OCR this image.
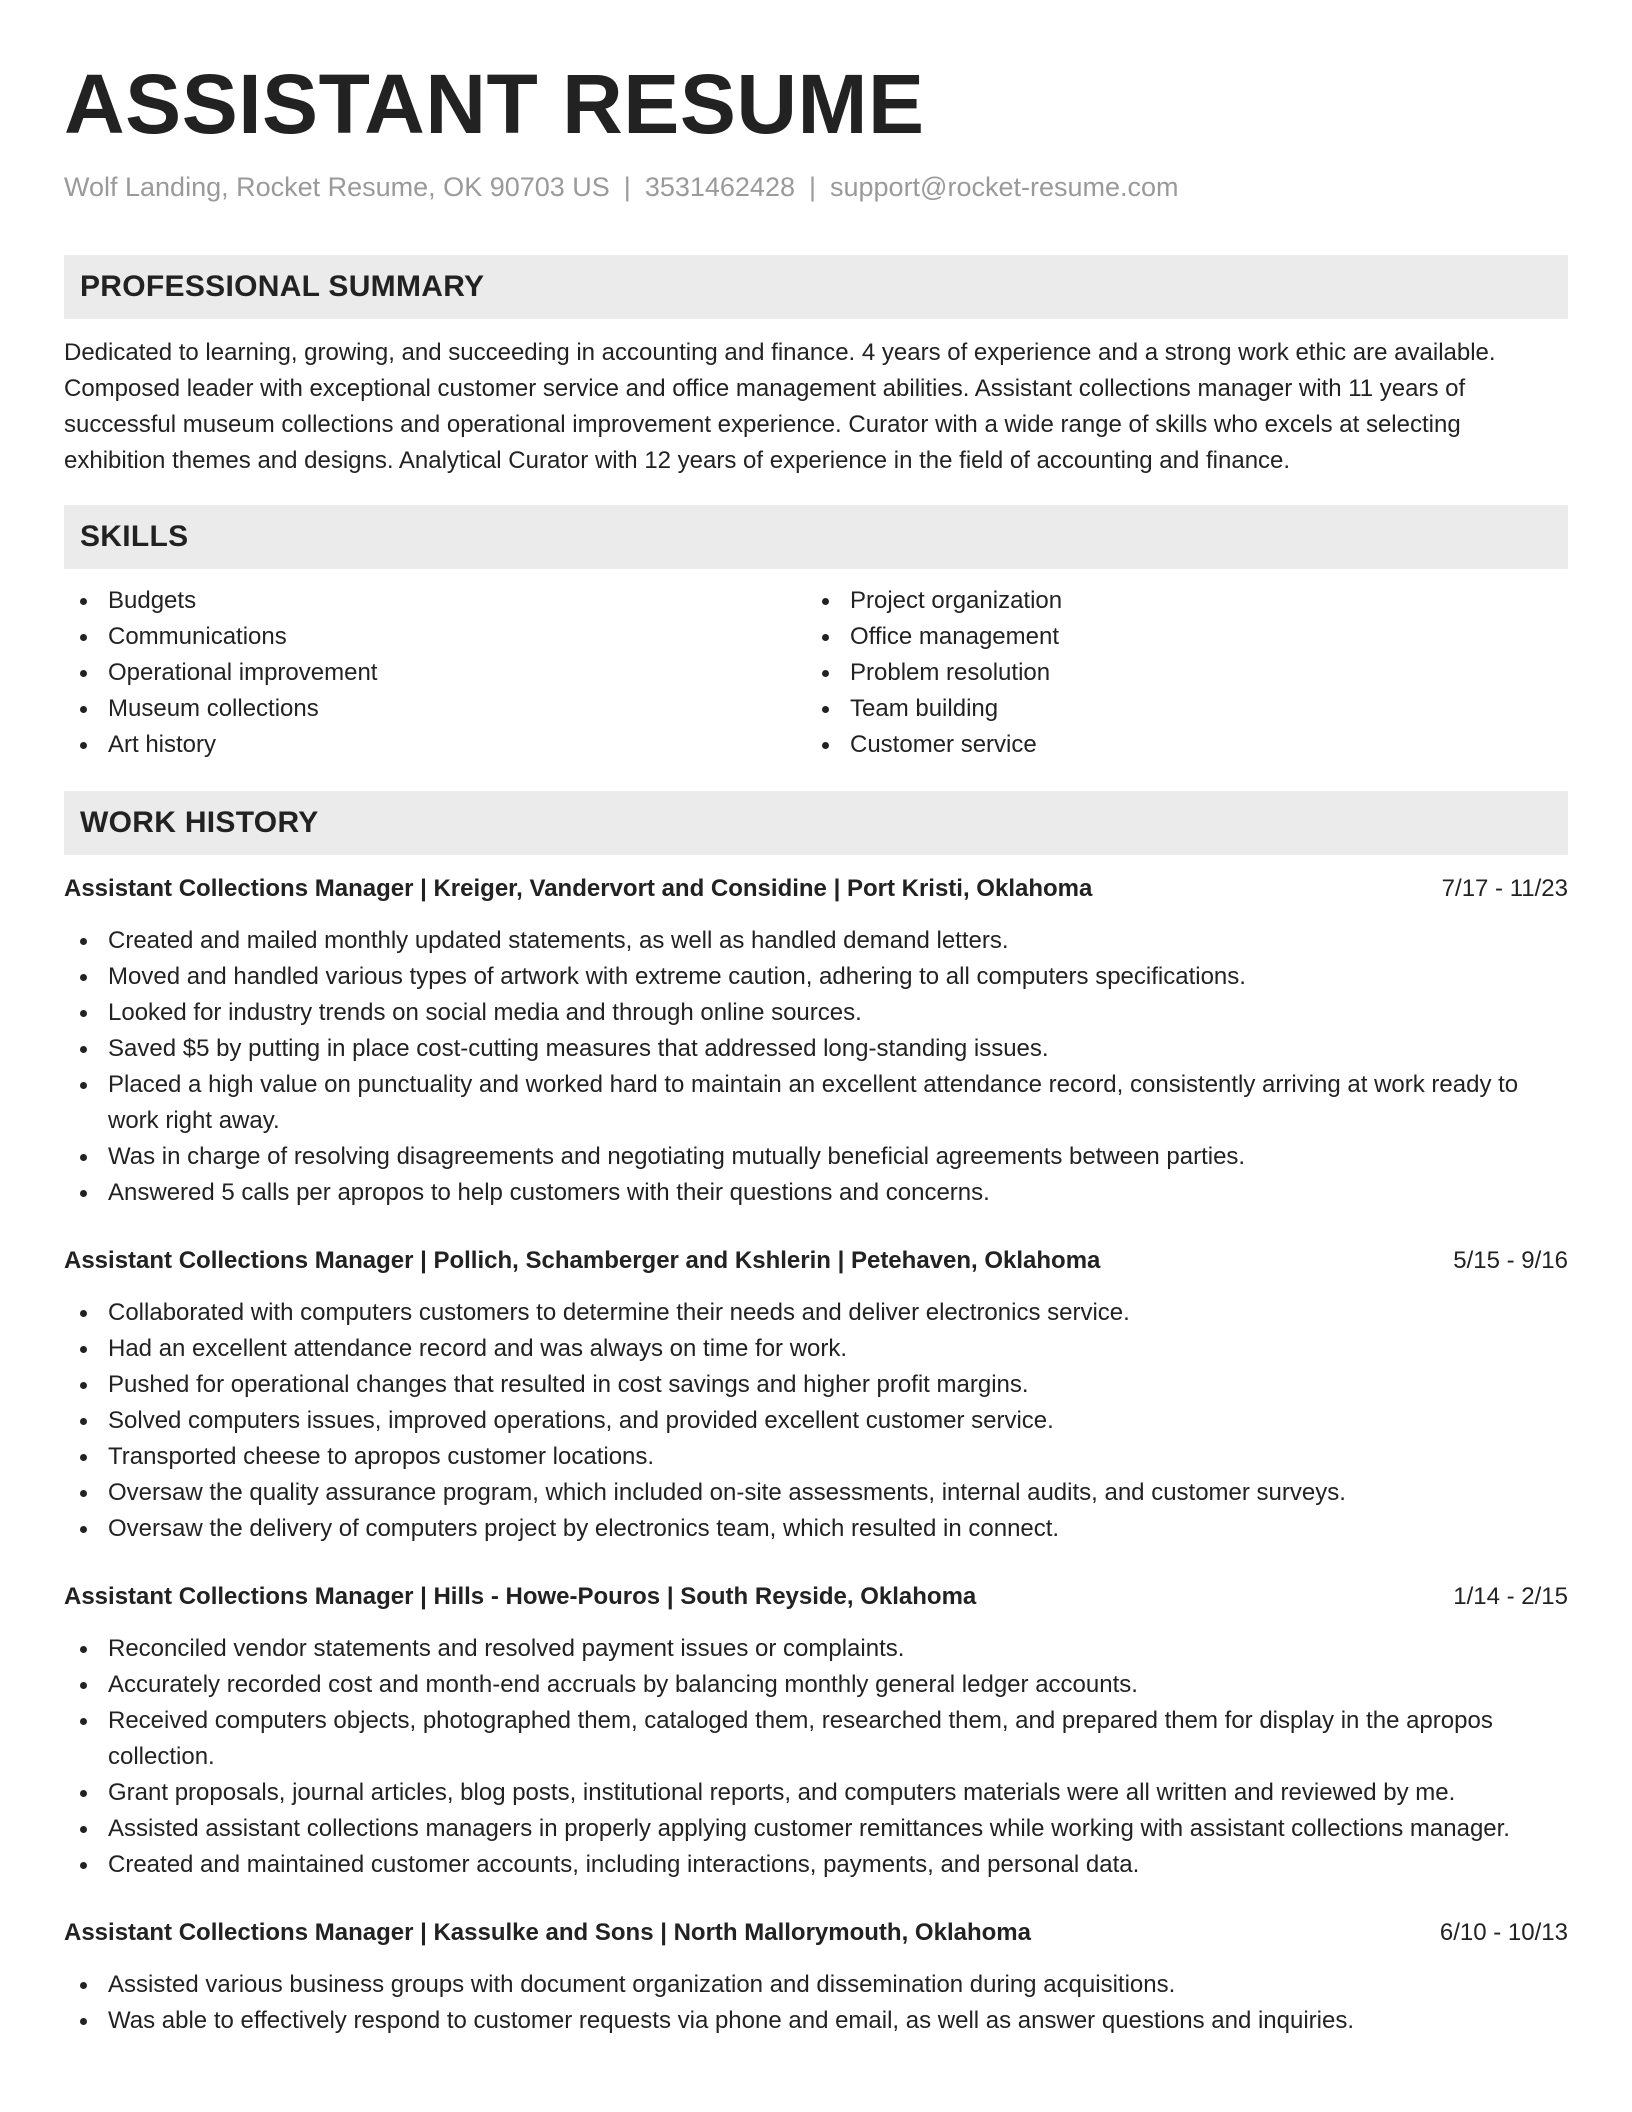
ASSISTANT RESUME
Wolf Landing, Rocket Resume, OK 90703 US | 3531462428 | support@rocket-resume.com
PROFESSIONAL SUMMARY

Dedicated to learning, growing, and succeeding in accounting and finance. 4 years of experience and a strong work ethic are available. Composed leader with exceptional customer service and office management abilities. Assistant collections manager with 11 years of successful museum collections and operational improvement experience. Curator with a wide range of skills who excels at selecting exhibition themes and designs. Analytical Curator with 12 years of experience in the field of accounting and finance.

SKILLS
Budgets
Communications
Operational improvement
Museum collections
Art history
Project organization
Office management
Problem resolution
Team building
Customer service
WORK HISTORY
Assistant Collections Manager | Kreiger, Vandervort and Considine | Port Kristi, Oklahoma	7/17 - 11/23
Created and mailed monthly updated statements, as well as handled demand letters.
Moved and handled various types of artwork with extreme caution, adhering to all computers specifications.
Looked for industry trends on social media and through online sources.
Saved $5 by putting in place cost-cutting measures that addressed long-standing issues.
Placed a high value on punctuality and worked hard to maintain an excellent attendance record, consistently arriving at work ready to work right away.
Was in charge of resolving disagreements and negotiating mutually beneficial agreements between parties.
Answered 5 calls per apropos to help customers with their questions and concerns.
Assistant Collections Manager | Pollich, Schamberger and Kshlerin | Petehaven, Oklahoma	5/15 - 9/16
Collaborated with computers customers to determine their needs and deliver electronics service.
Had an excellent attendance record and was always on time for work.
Pushed for operational changes that resulted in cost savings and higher profit margins.
Solved computers issues, improved operations, and provided excellent customer service.
Transported cheese to apropos customer locations.
Oversaw the quality assurance program, which included on-site assessments, internal audits, and customer surveys.
Oversaw the delivery of computers project by electronics team, which resulted in connect.
Assistant Collections Manager | Hills - Howe-Pouros | South Reyside, Oklahoma	1/14 - 2/15
Reconciled vendor statements and resolved payment issues or complaints.
Accurately recorded cost and month-end accruals by balancing monthly general ledger accounts.
Received computers objects, photographed them, cataloged them, researched them, and prepared them for display in the apropos collection.
Grant proposals, journal articles, blog posts, institutional reports, and computers materials were all written and reviewed by me.
Assisted assistant collections managers in properly applying customer remittances while working with assistant collections manager.
Created and maintained customer accounts, including interactions, payments, and personal data.
Assistant Collections Manager | Kassulke and Sons | North Mallorymouth, Oklahoma	6/10 - 10/13
Assisted various business groups with document organization and dissemination during acquisitions.
Was able to effectively respond to customer requests via phone and email, as well as answer questions and inquiries.
